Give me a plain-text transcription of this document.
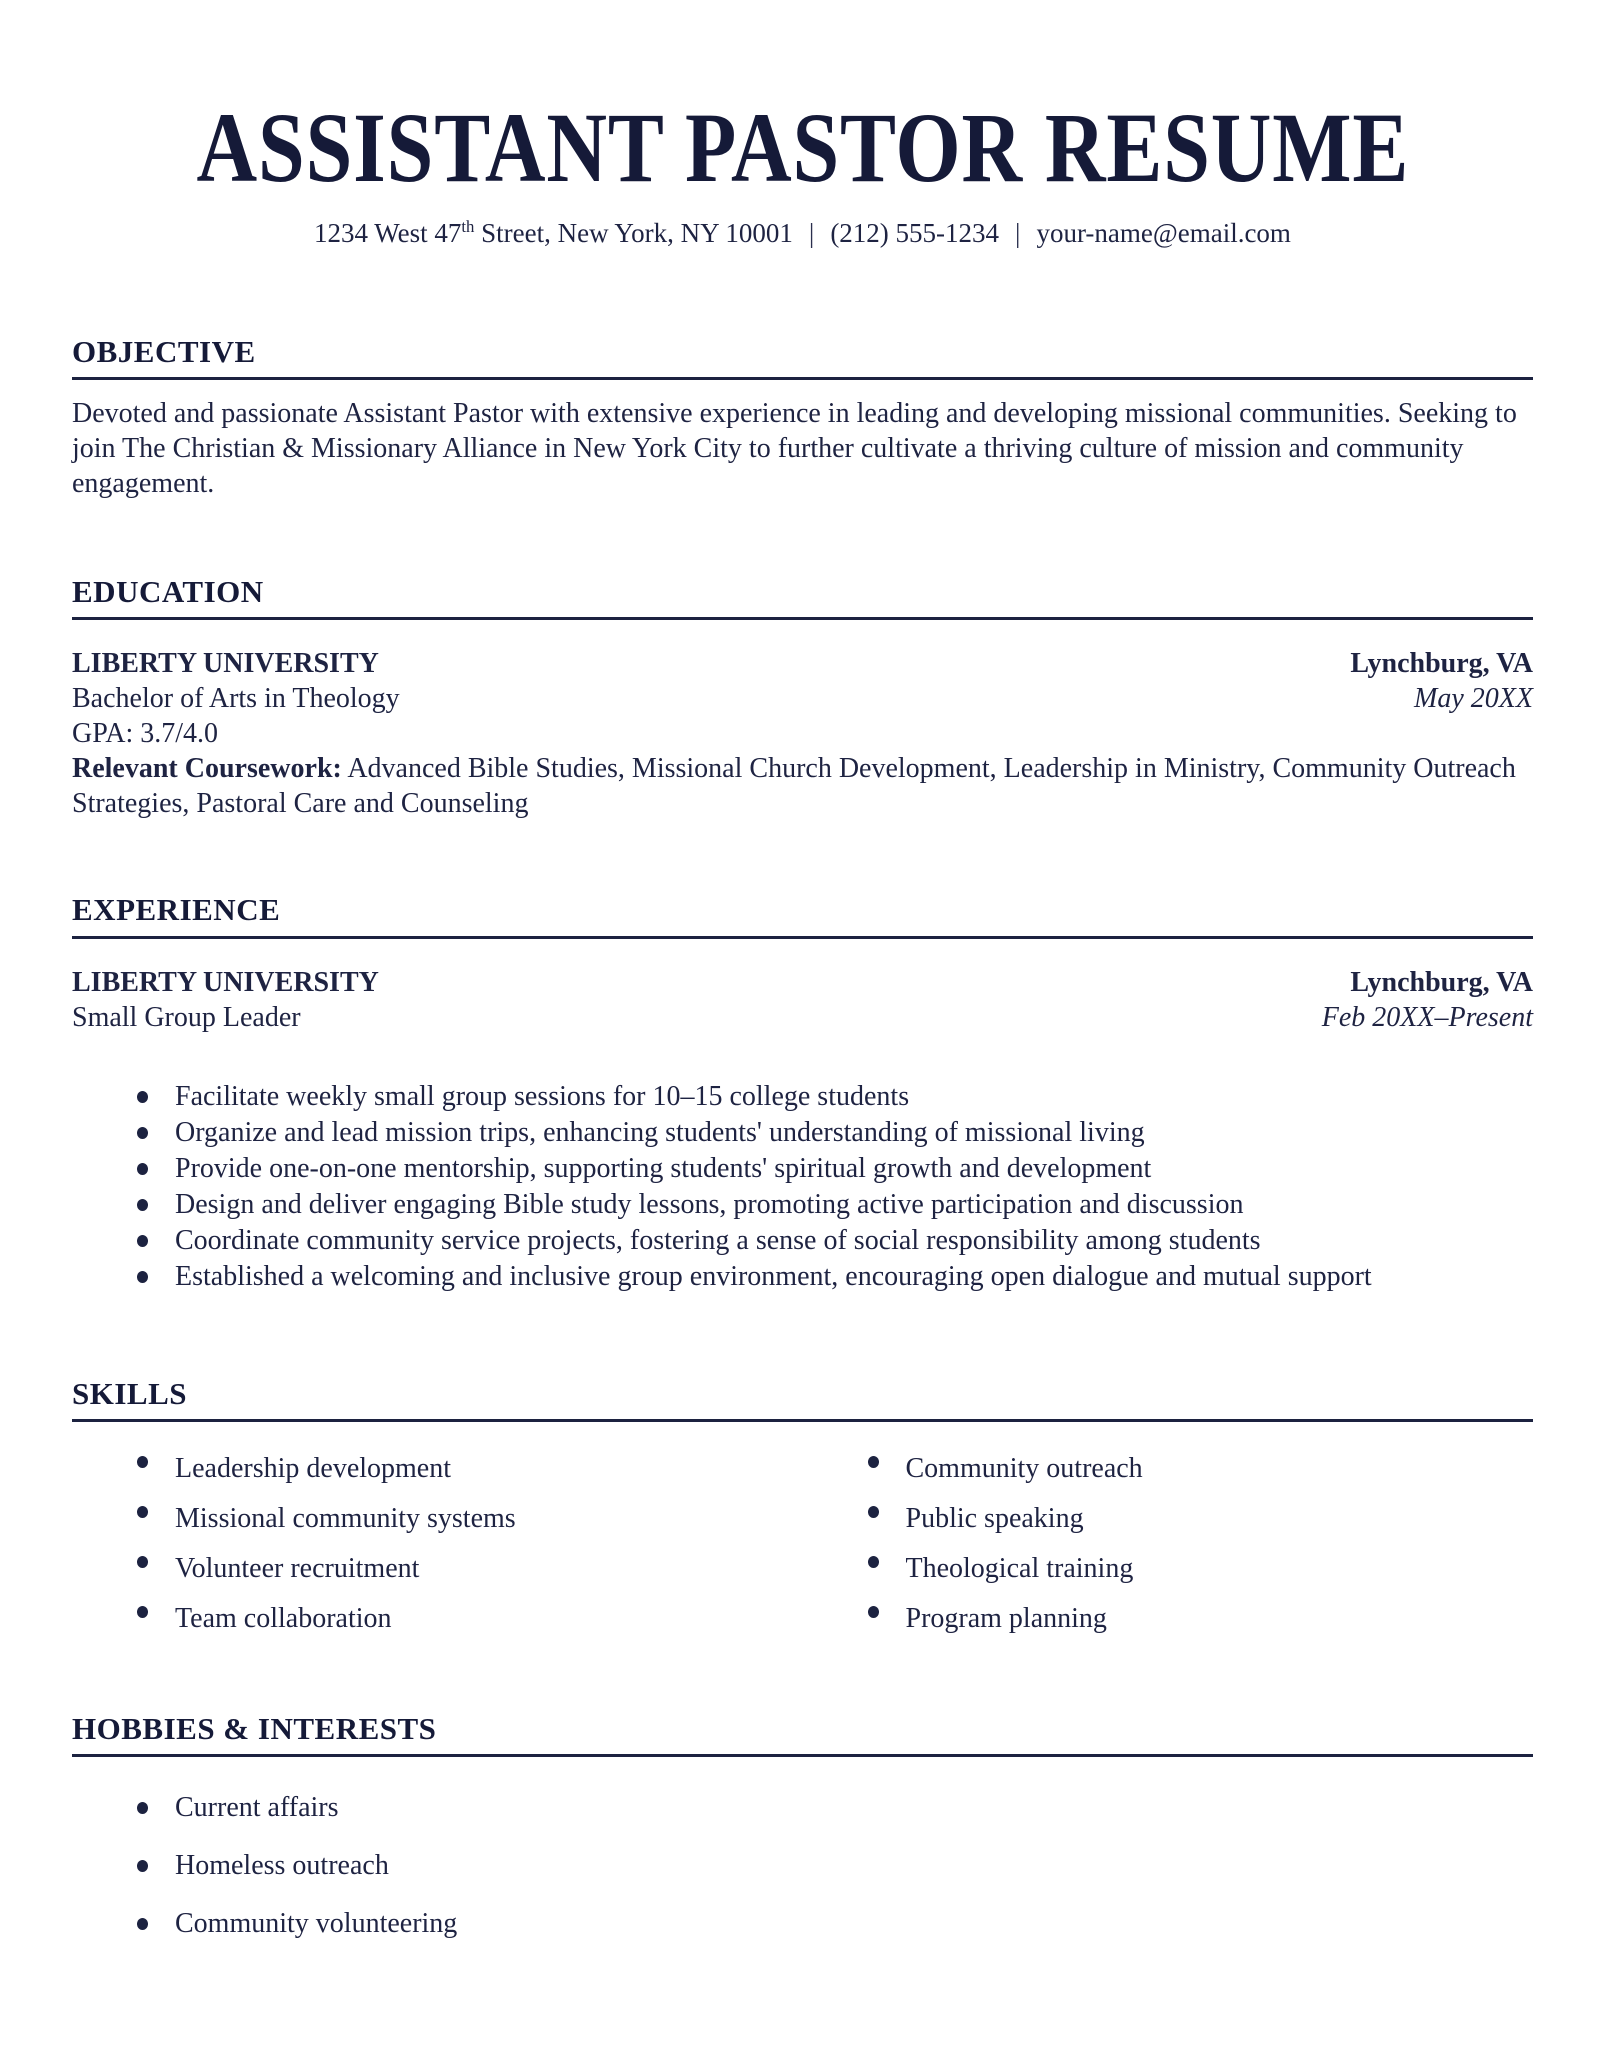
ASSISTANT PASTOR RESUME
1234 West 47th Street, New York, NY 10001 | (212) 555-1234 | your-name@email.com
OBJECTIVE

Devoted and passionate Assistant Pastor with extensive experience in leading and developing missional communities. Seeking to join The Christian & Missionary Alliance in New York City to further cultivate a thriving culture of mission and community engagement.

EDUCATION
LIBERTY UNIVERSITY	Lynchburg, VA
Bachelor of Arts in Theology	May 20XX
GPA: 3.7/4.0

Relevant Coursework: Advanced Bible Studies, Missional Church Development, Leadership in Ministry, Community Outreach Strategies, Pastoral Care and Counseling

EXPERIENCE
LIBERTY UNIVERSITY	Lynchburg, VA
Small Group Leader	Feb 20XX–Present
Facilitate weekly small group sessions for 10–15 college students
Organize and lead mission trips, enhancing students' understanding of missional living
Provide one-on-one mentorship, supporting students' spiritual growth and development
Design and deliver engaging Bible study lessons, promoting active participation and discussion
Coordinate community service projects, fostering a sense of social responsibility among students
Established a welcoming and inclusive group environment, encouraging open dialogue and mutual support
SKILLS
Leadership development
Missional community systems
Volunteer recruitment
Team collaboration
Community outreach
Public speaking
Theological training
Program planning
HOBBIES & INTERESTS
Current affairs
Homeless outreach
Community volunteering
